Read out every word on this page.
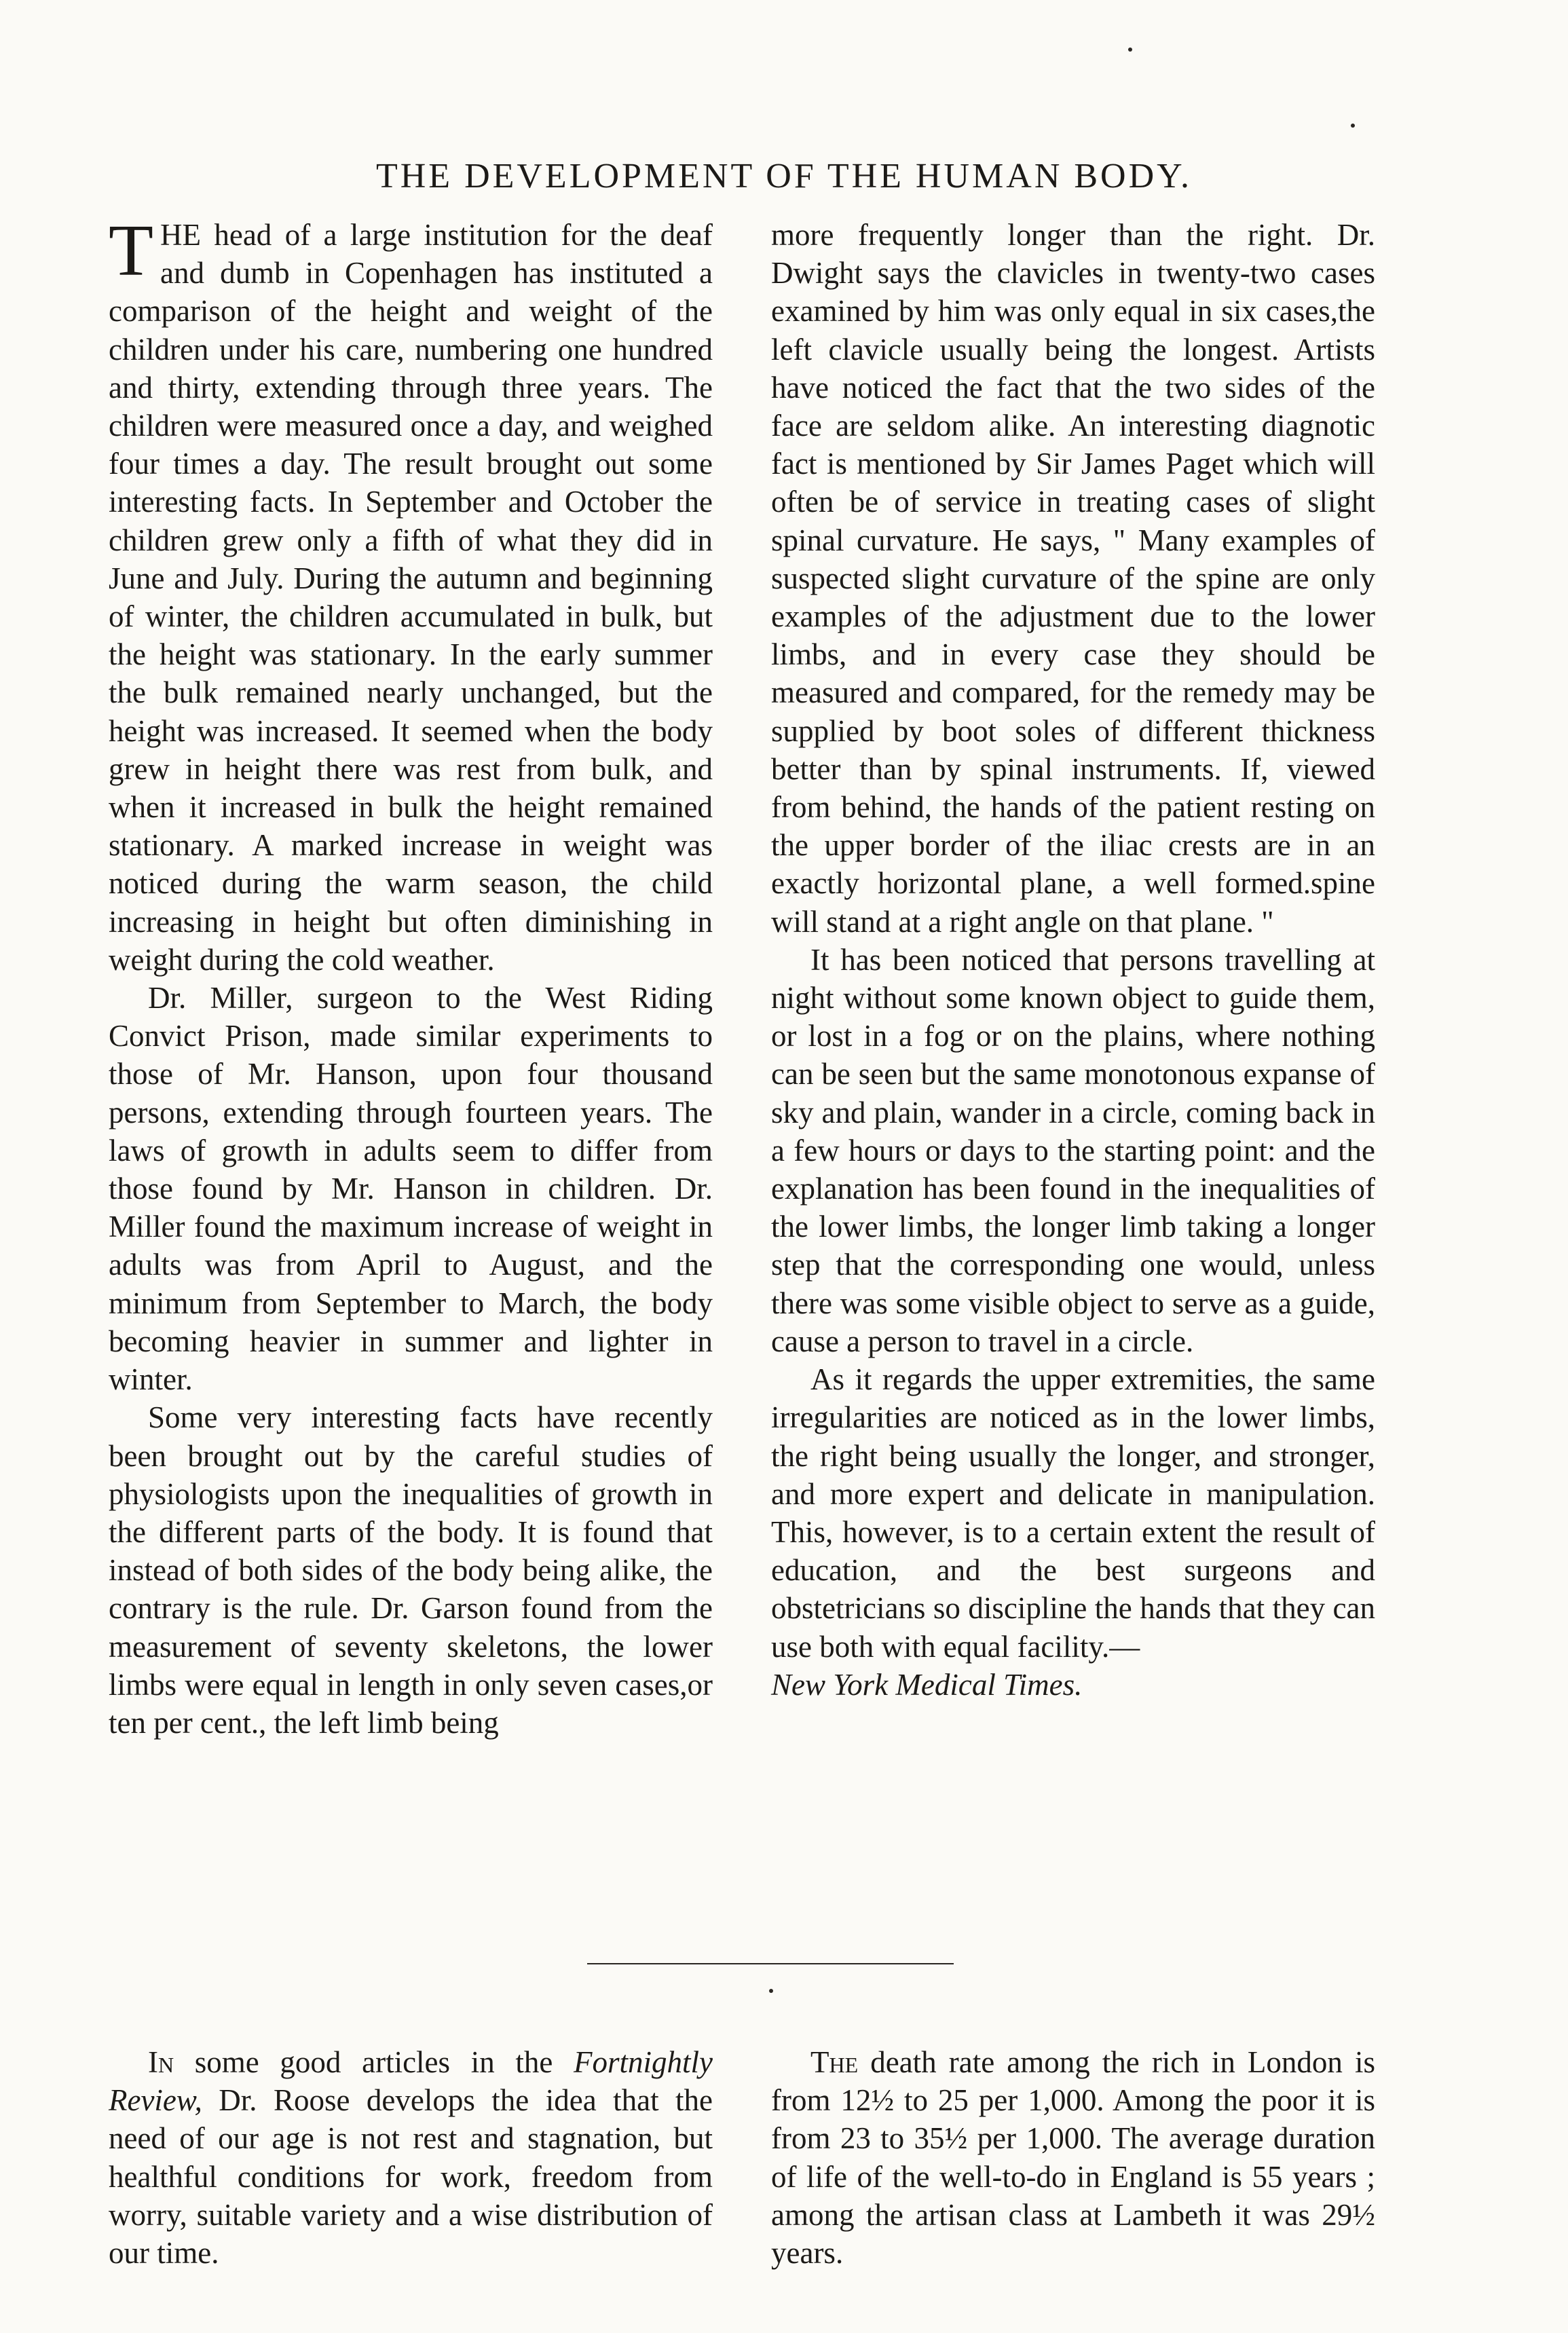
THE DEVELOPMENT OF THE HUMAN BODY.

THE head of a large institution for the deaf and dumb in Copenhagen has instituted a comparison of the height and weight of the children under his care, numbering one hundred and thirty, extending through three years. The children were measured once a day, and weighed four times a day. The result brought out some interesting facts. In September and October the children grew only a fifth of what they did in June and July. During the autumn and beginning of winter, the children accumulated in bulk, but the height was stationary. In the early summer the bulk remained nearly unchanged, but the height was increased. It seemed when the body grew in height there was rest from bulk, and when it increased in bulk the height remained stationary. A marked increase in weight was noticed during the warm season, the child increasing in height but often diminishing in weight during the cold weather.

Dr. Miller, surgeon to the West Riding Convict Prison, made similar experiments to those of Mr. Hanson, upon four thousand persons, extending through fourteen years. The laws of growth in adults seem to differ from those found by Mr. Hanson in children. Dr. Miller found the maximum increase of weight in adults was from April to August, and the minimum from September to March, the body becoming heavier in summer and lighter in winter.

Some very interesting facts have recently been brought out by the careful studies of physiologists upon the inequalities of growth in the different parts of the body. It is found that instead of both sides of the body being alike, the contrary is the rule. Dr. Garson found from the measurement of seventy skeletons, the lower limbs were equal in length in only seven cases,or ten per cent., the left limb being

more frequently longer than the right. Dr. Dwight says the clavicles in twenty-two cases examined by him was only equal in six cases,the left clavicle usually being the longest. Artists have noticed the fact that the two sides of the face are seldom alike. An interesting diagnotic fact is mentioned by Sir James Paget which will often be of service in treating cases of slight spinal curvature. He says, " Many examples of suspected slight curvature of the spine are only examples of the adjustment due to the lower limbs, and in every case they should be measured and compared, for the remedy may be supplied by boot soles of different thickness better than by spinal instruments. If, viewed from behind, the hands of the patient resting on the upper border of the iliac crests are in an exactly horizontal plane, a well formed.spine will stand at a right angle on that plane. "

It has been noticed that persons travelling at night without some known object to guide them, or lost in a fog or on the plains, where nothing can be seen but the same monotonous expanse of sky and plain, wander in a circle, coming back in a few hours or days to the starting point: and the explanation has been found in the inequalities of the lower limbs, the longer limb taking a longer step that the corresponding one would, unless there was some visible object to serve as a guide, cause a person to travel in a circle.

As it regards the upper extremities, the same irregularities are noticed as in the lower limbs, the right being usually the longer, and stronger, and more expert and delicate in manipulation. This, however, is to a certain extent the result of education, and the best surgeons and obstetricians so discipline the hands that they can use both with equal facility.—
New York Medical Times.

In some good articles in the Fortnightly Review, Dr. Roose develops the idea that the need of our age is not rest and stagnation, but healthful conditions for work, freedom from worry, suitable variety and a wise distribution of our time.

The death rate among the rich in London is from 12½ to 25 per 1,000. Among the poor it is from 23 to 35½ per 1,000. The average duration of life of the well-to-do in England is 55 years ; among the artisan class at Lambeth it was 29½ years.
